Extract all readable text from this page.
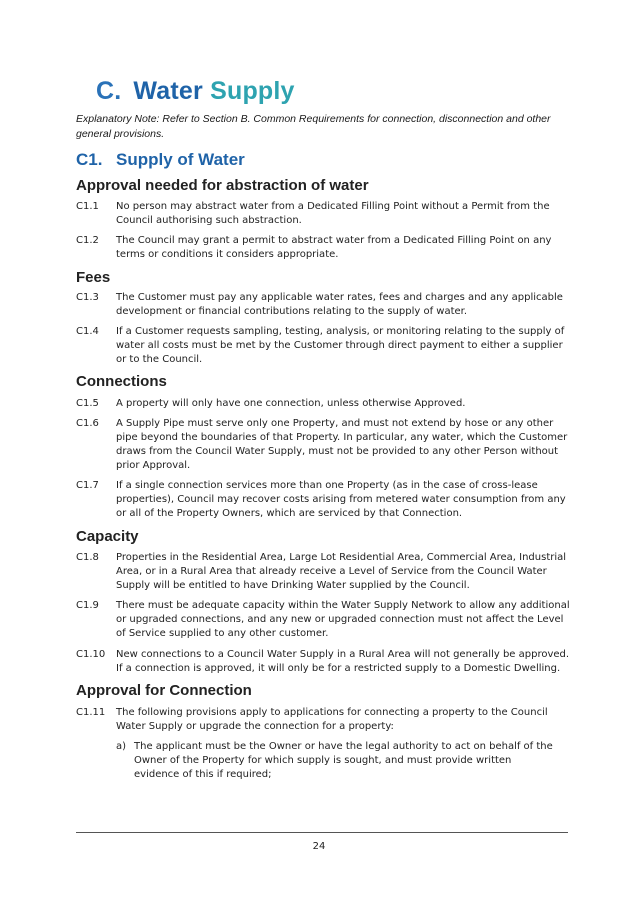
C. Water Supply

Explanatory Note: Refer to Section B. Common Requirements for connection, disconnection and other general provisions.

C1. Supply of Water
Approval needed for abstraction of water
C1.1	No person may abstract water from a Dedicated Filling Point without a Permit from the Council authorising such abstraction.
C1.2	The Council may grant a permit to abstract water from a Dedicated Filling Point on any terms or conditions it considers appropriate.
Fees
C1.3	The Customer must pay any applicable water rates, fees and charges and any applicable development or financial contributions relating to the supply of water.
C1.4	If a Customer requests sampling, testing, analysis, or monitoring relating to the supply of water all costs must be met by the Customer through direct payment to either a supplier or to the Council.
Connections
C1.5	A property will only have one connection, unless otherwise Approved.
C1.6	A Supply Pipe must serve only one Property, and must not extend by hose or any other pipe beyond the boundaries of that Property. In particular, any water, which the Customer draws from the Council Water Supply, must not be provided to any other Person without prior Approval.
C1.7	If a single connection services more than one Property (as in the case of cross-lease properties), Council may recover costs arising from metered water consumption from any or all of the Property Owners, which are serviced by that Connection.
Capacity
C1.8	Properties in the Residential Area, Large Lot Residential Area, Commercial Area, Industrial Area, or in a Rural Area that already receive a Level of Service from the Council Water Supply will be entitled to have Drinking Water supplied by the Council.
C1.9	There must be adequate capacity within the Water Supply Network to allow any additional or upgraded connections, and any new or upgraded connection must not affect the Level of Service supplied to any other customer.
C1.10	New connections to a Council Water Supply in a Rural Area will not generally be approved. If a connection is approved, it will only be for a restricted supply to a Domestic Dwelling.
Approval for Connection
C1.11	The following provisions apply to applications for connecting a property to the Council Water Supply or upgrade the connection for a property:
a) The applicant must be the Owner or have the legal authority to act on behalf of the Owner of the Property for which supply is sought, and must provide written evidence of this if required;
24
